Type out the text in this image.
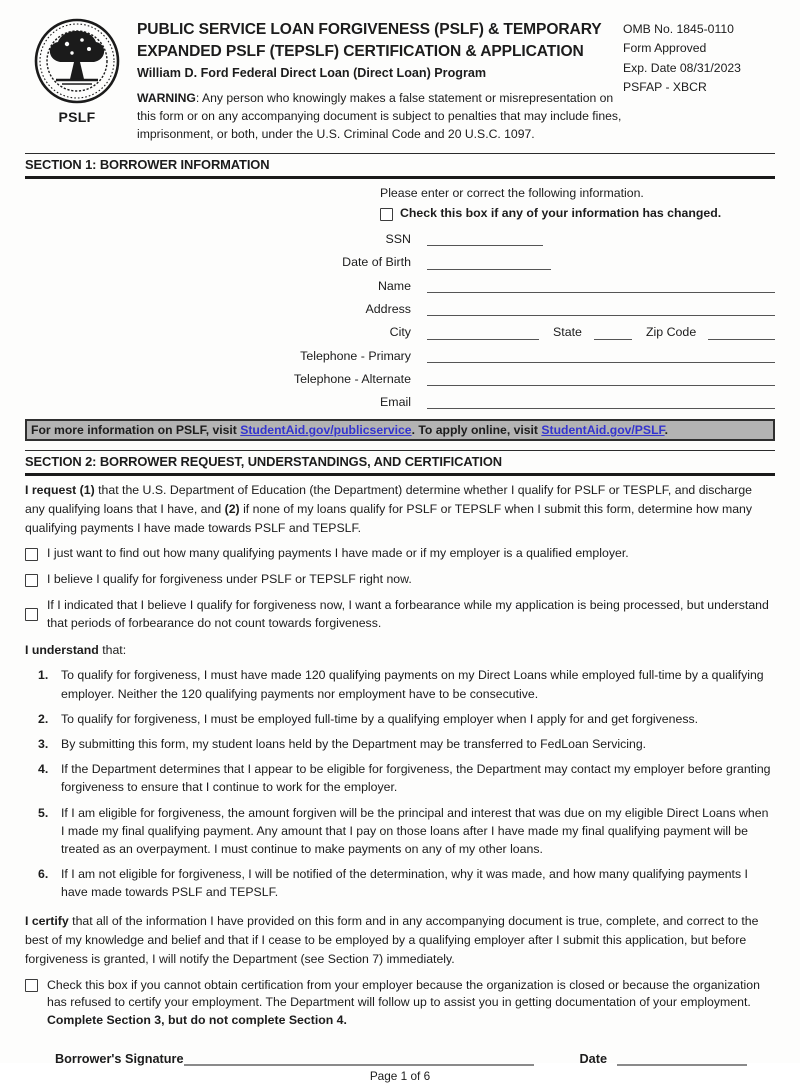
PSLF
PUBLIC SERVICE LOAN FORGIVENESS (PSLF) & TEMPORARY EXPANDED PSLF (TEPSLF) CERTIFICATION & APPLICATION
William D. Ford Federal Direct Loan (Direct Loan) Program

WARNING: Any person who knowingly makes a false statement or misrepresentation on this form or on any accompanying document is subject to penalties that may include fines, imprisonment, or both, under the U.S. Criminal Code and 20 U.S.C. 1097.

OMB No. 1845-0110
Form Approved
Exp. Date 08/31/2023
PSFAP - XBCR
SECTION 1: BORROWER INFORMATION
Please enter or correct the following information.
Check this box if any of your information has changed.
SSN
Date of Birth
Name
Address
City	State	Zip Code
Telephone - Primary
Telephone - Alternate
Email
For more information on PSLF, visit StudentAid.gov/publicservice. To apply online, visit StudentAid.gov/PSLF.
SECTION 2: BORROWER REQUEST, UNDERSTANDINGS, AND CERTIFICATION

I request (1) that the U.S. Department of Education (the Department) determine whether I qualify for PSLF or TESPLF, and discharge any qualifying loans that I have, and (2) if none of my loans qualify for PSLF or TEPSLF when I submit this form, determine how many qualifying payments I have made towards PSLF and TEPSLF.

I just want to find out how many qualifying payments I have made or if my employer is a qualified employer.
I believe I qualify for forgiveness under PSLF or TEPSLF right now.
If I indicated that I believe I qualify for forgiveness now, I want a forbearance while my application is being processed, but understand that periods of forbearance do not count towards forgiveness.

I understand that:

1.	To qualify for forgiveness, I must have made 120 qualifying payments on my Direct Loans while employed full-time by a qualifying employer. Neither the 120 qualifying payments nor employment have to be consecutive.
2.	To qualify for forgiveness, I must be employed full-time by a qualifying employer when I apply for and get forgiveness.
3.	By submitting this form, my student loans held by the Department may be transferred to FedLoan Servicing.
4.	If the Department determines that I appear to be eligible for forgiveness, the Department may contact my employer before granting forgiveness to ensure that I continue to work for the employer.
5.	If I am eligible for forgiveness, the amount forgiven will be the principal and interest that was due on my eligible Direct Loans when I made my final qualifying payment. Any amount that I pay on those loans after I have made my final qualifying payment will be treated as an overpayment. I must continue to make payments on any of my other loans.
6.	If I am not eligible for forgiveness, I will be notified of the determination, why it was made, and how many qualifying payments I have made towards PSLF and TEPSLF.

I certify that all of the information I have provided on this form and in any accompanying document is true, complete, and correct to the best of my knowledge and belief and that if I cease to be employed by a qualifying employer after I submit this application, but before forgiveness is granted, I will notify the Department (see Section 7) immediately.

Check this box if you cannot obtain certification from your employer because the organization is closed or because the organization has refused to certify your employment. The Department will follow up to assist you in getting documentation of your employment. Complete Section 3, but do not complete Section 4.
Borrower's Signature	Date
Page 1 of 6
